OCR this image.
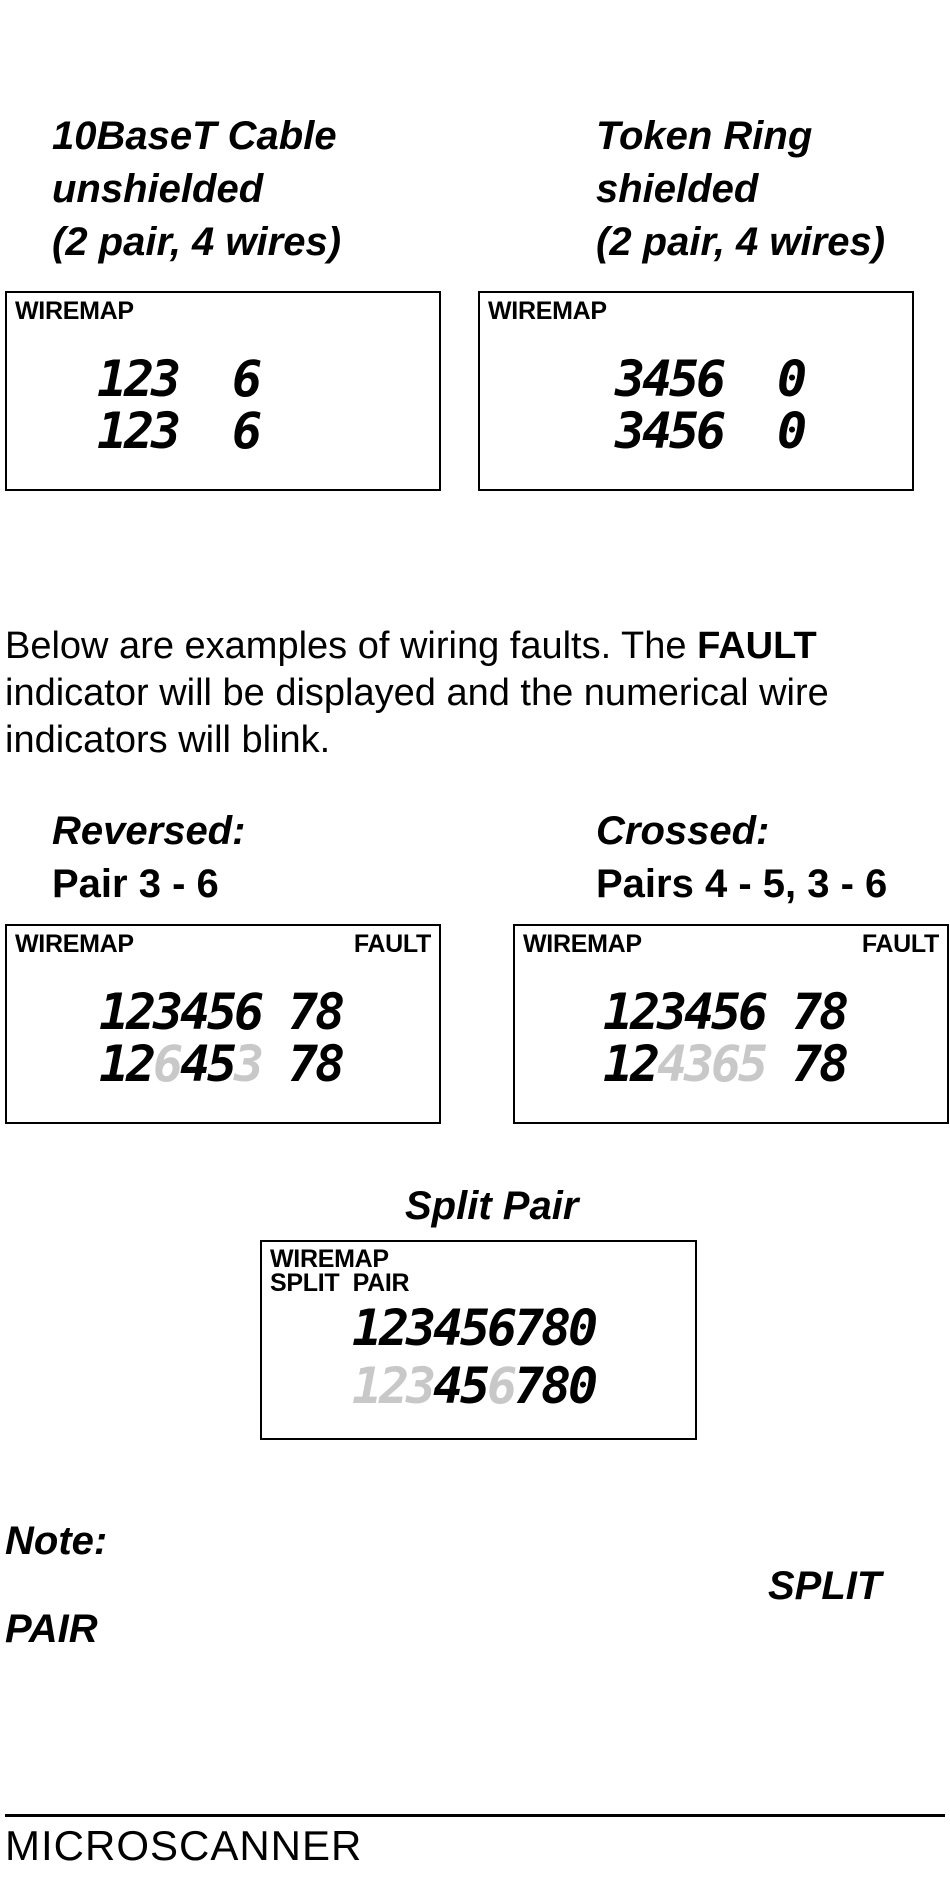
10BaseT Cable
unshielded
(2 pair, 4 wires)
WIREMAP
1
2
3 6
1
2
3 6
Token Ring
shielded
(2 pair, 4 wires)
WIREMAP
3
4
5
6 0
3
4
5
6 0
Below are examples of wiring faults. The FAULT
indicator will be displayed and the numerical wire
indicators will blink.
Reversed:
Pair 3 - 6
WIREMAP	FAULT
1
2
3
4
5
6 7
8
1
2
6
4
5
3 7
8
Crossed:
Pairs 4 - 5, 3 - 6
WIREMAP	FAULT
1
2
3
4
5
6 7
8
1
2
4
3
6
5 7
8
Split Pair
WIREMAP
SPLIT  PAIR
1
2
3
4
5
6
7
8
0
1
2
3
4
5
6
7
8
0
Note:
SPLIT
PAIR
MICROSCANNER
